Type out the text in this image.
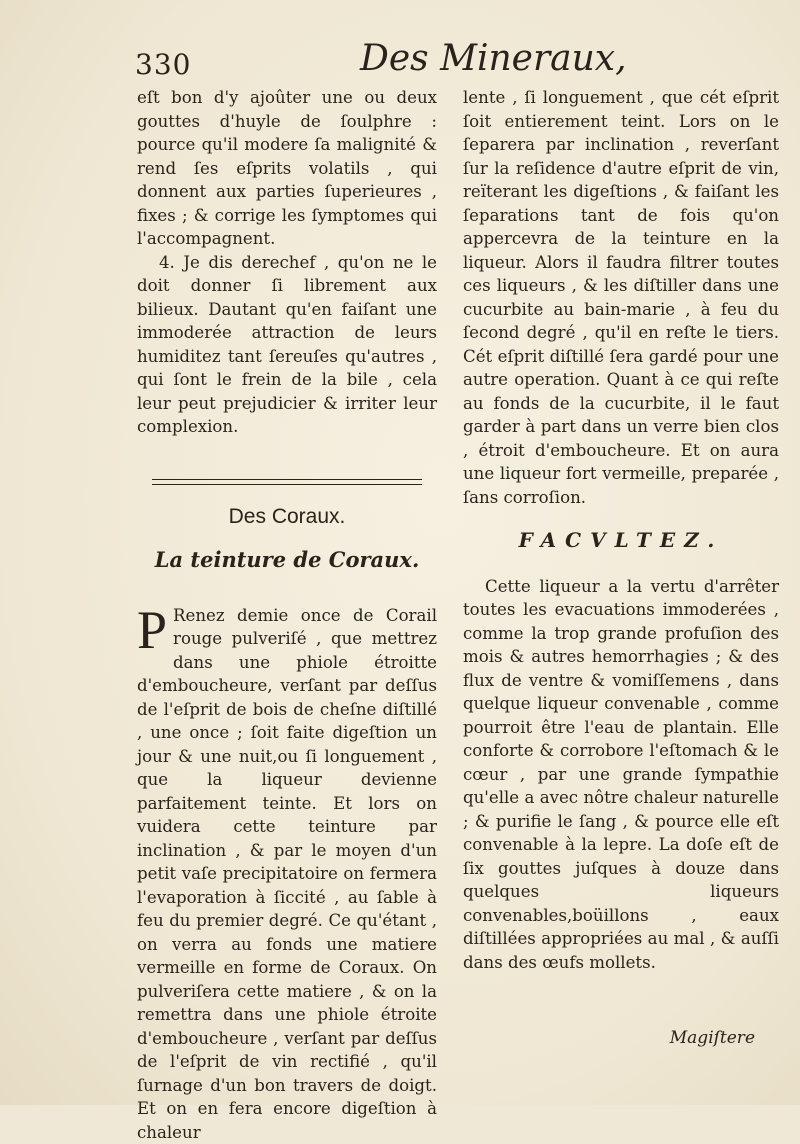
330	Des Mineraux,

eſt bon d'y ajoûter une ou deux gouttes d'huyle de ſoulphre : pource qu'il modere ſa malignité & rend ſes eſprits volatils , qui donnent aux parties ſuperieures , fixes ; & corrige les ſymptomes qui l'accompagnent.

4. Je dis derechef , qu'on ne le doit donner ſi librement aux bilieux. Dautant qu'en faiſant une immoderée attraction de leurs humiditez tant ſereuſes qu'autres , qui ſont le frein de la bile , cela leur peut prejudicier & irriter leur complexion.

Des Coraux.
La teinture de Coraux.

P Renez demie once de Corail rouge pulveriſé , que mettrez dans une phiole étroitte d'emboucheure, verſant par deſſus de l'eſprit de bois de cheſne diſtillé , une once ; ſoit faite digeſtion un jour & une nuit,ou ſi longuement , que la liqueur devienne parfaitement teinte. Et lors on vuidera cette teinture par inclination , & par le moyen d'un petit vaſe precipitatoire on fermera l'evaporation à ſiccité , au ſable à feu du premier degré. Ce qu'étant , on verra au fonds une matiere vermeille en forme de Coraux. On pulveriſera cette matiere , & on la remettra dans une phiole étroite d'emboucheure , verſant par deſſus de l'eſprit de vin rectifié , qu'il ſurnage d'un bon travers de doigt. Et on en fera encore digeſtion à chaleur

lente , ſi longuement , que cét eſprit ſoit entierement teint. Lors on le ſeparera par inclination , reverſant ſur la reſidence d'autre eſprit de vin, reïterant les digeſtions , & faiſant les ſeparations tant de fois qu'on appercevra de la teinture en la liqueur. Alors il faudra filtrer toutes ces liqueurs , & les diſtiller dans une cucurbite au bain-marie , à feu du ſecond degré , qu'il en reſte le tiers. Cét eſprit diſtillé ſera gardé pour une autre operation. Quant à ce qui reſte au fonds de la cucurbite, il le faut garder à part dans un verre bien clos , étroit d'emboucheure. Et on aura une liqueur fort vermeille, preparée , ſans corroſion.

FACVLTEZ.

Cette liqueur a la vertu d'arrêter toutes les evacuations immoderées , comme la trop grande profuſion des mois & autres hemorrhagies ; & des flux de ventre & vomiſſemens , dans quelque liqueur convenable , comme pourroit être l'eau de plantain. Elle conforte & corrobore l'eſtomach & le cœur , par une grande ſympathie qu'elle a avec nôtre chaleur naturelle ; & purifie le ſang , & pource elle eſt convenable à la lepre. La doſe eſt de ſix gouttes juſques à douze dans quelques liqueurs convenables,boüillons , eaux diſtillées appropriées au mal , & auſſi dans des œufs mollets.

Magiſtere
